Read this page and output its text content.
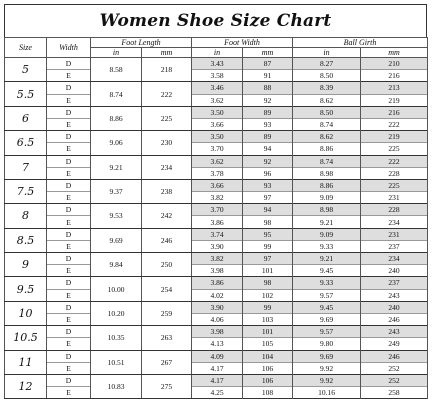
Women Shoe Size Chart
Size	Width	Foot Length		Foot Width		Ball Girth	
		in	mm	in	mm	in	mm
5	D	8.58	218	3.43	87	8.27	210
	E			3.58	91	8.50	216
5.5	D	8.74	222	3.46	88	8.39	213
	E			3.62	92	8.62	219
6	D	8.86	225	3.50	89	8.50	216
	E			3.66	93	8.74	222
6.5	D	9.06	230	3.50	89	8.62	219
	E			3.70	94	8.86	225
7	D	9.21	234	3.62	92	8.74	222
	E			3.78	96	8.98	228
7.5	D	9.37	238	3.66	93	8.86	225
	E			3.82	97	9.09	231
8	D	9.53	242	3.70	94	8.98	228
	E			3.86	98	9.21	234
8.5	D	9.69	246	3.74	95	9.09	231
	E			3.90	99	9.33	237
9	D	9.84	250	3.82	97	9.21	234
	E			3.98	101	9.45	240
9.5	D	10.00	254	3.86	98	9.33	237
	E			4.02	102	9.57	243
10	D	10.20	259	3.90	99	9.45	240
	E			4.06	103	9.69	246
10.5	D	10.35	263	3.98	101	9.57	243
	E			4.13	105	9.80	249
11	D	10.51	267	4.09	104	9.69	246
	E			4.17	106	9.92	252
12	D	10.83	275	4.17	106	9.92	252
	E			4.25	108	10.16	258
